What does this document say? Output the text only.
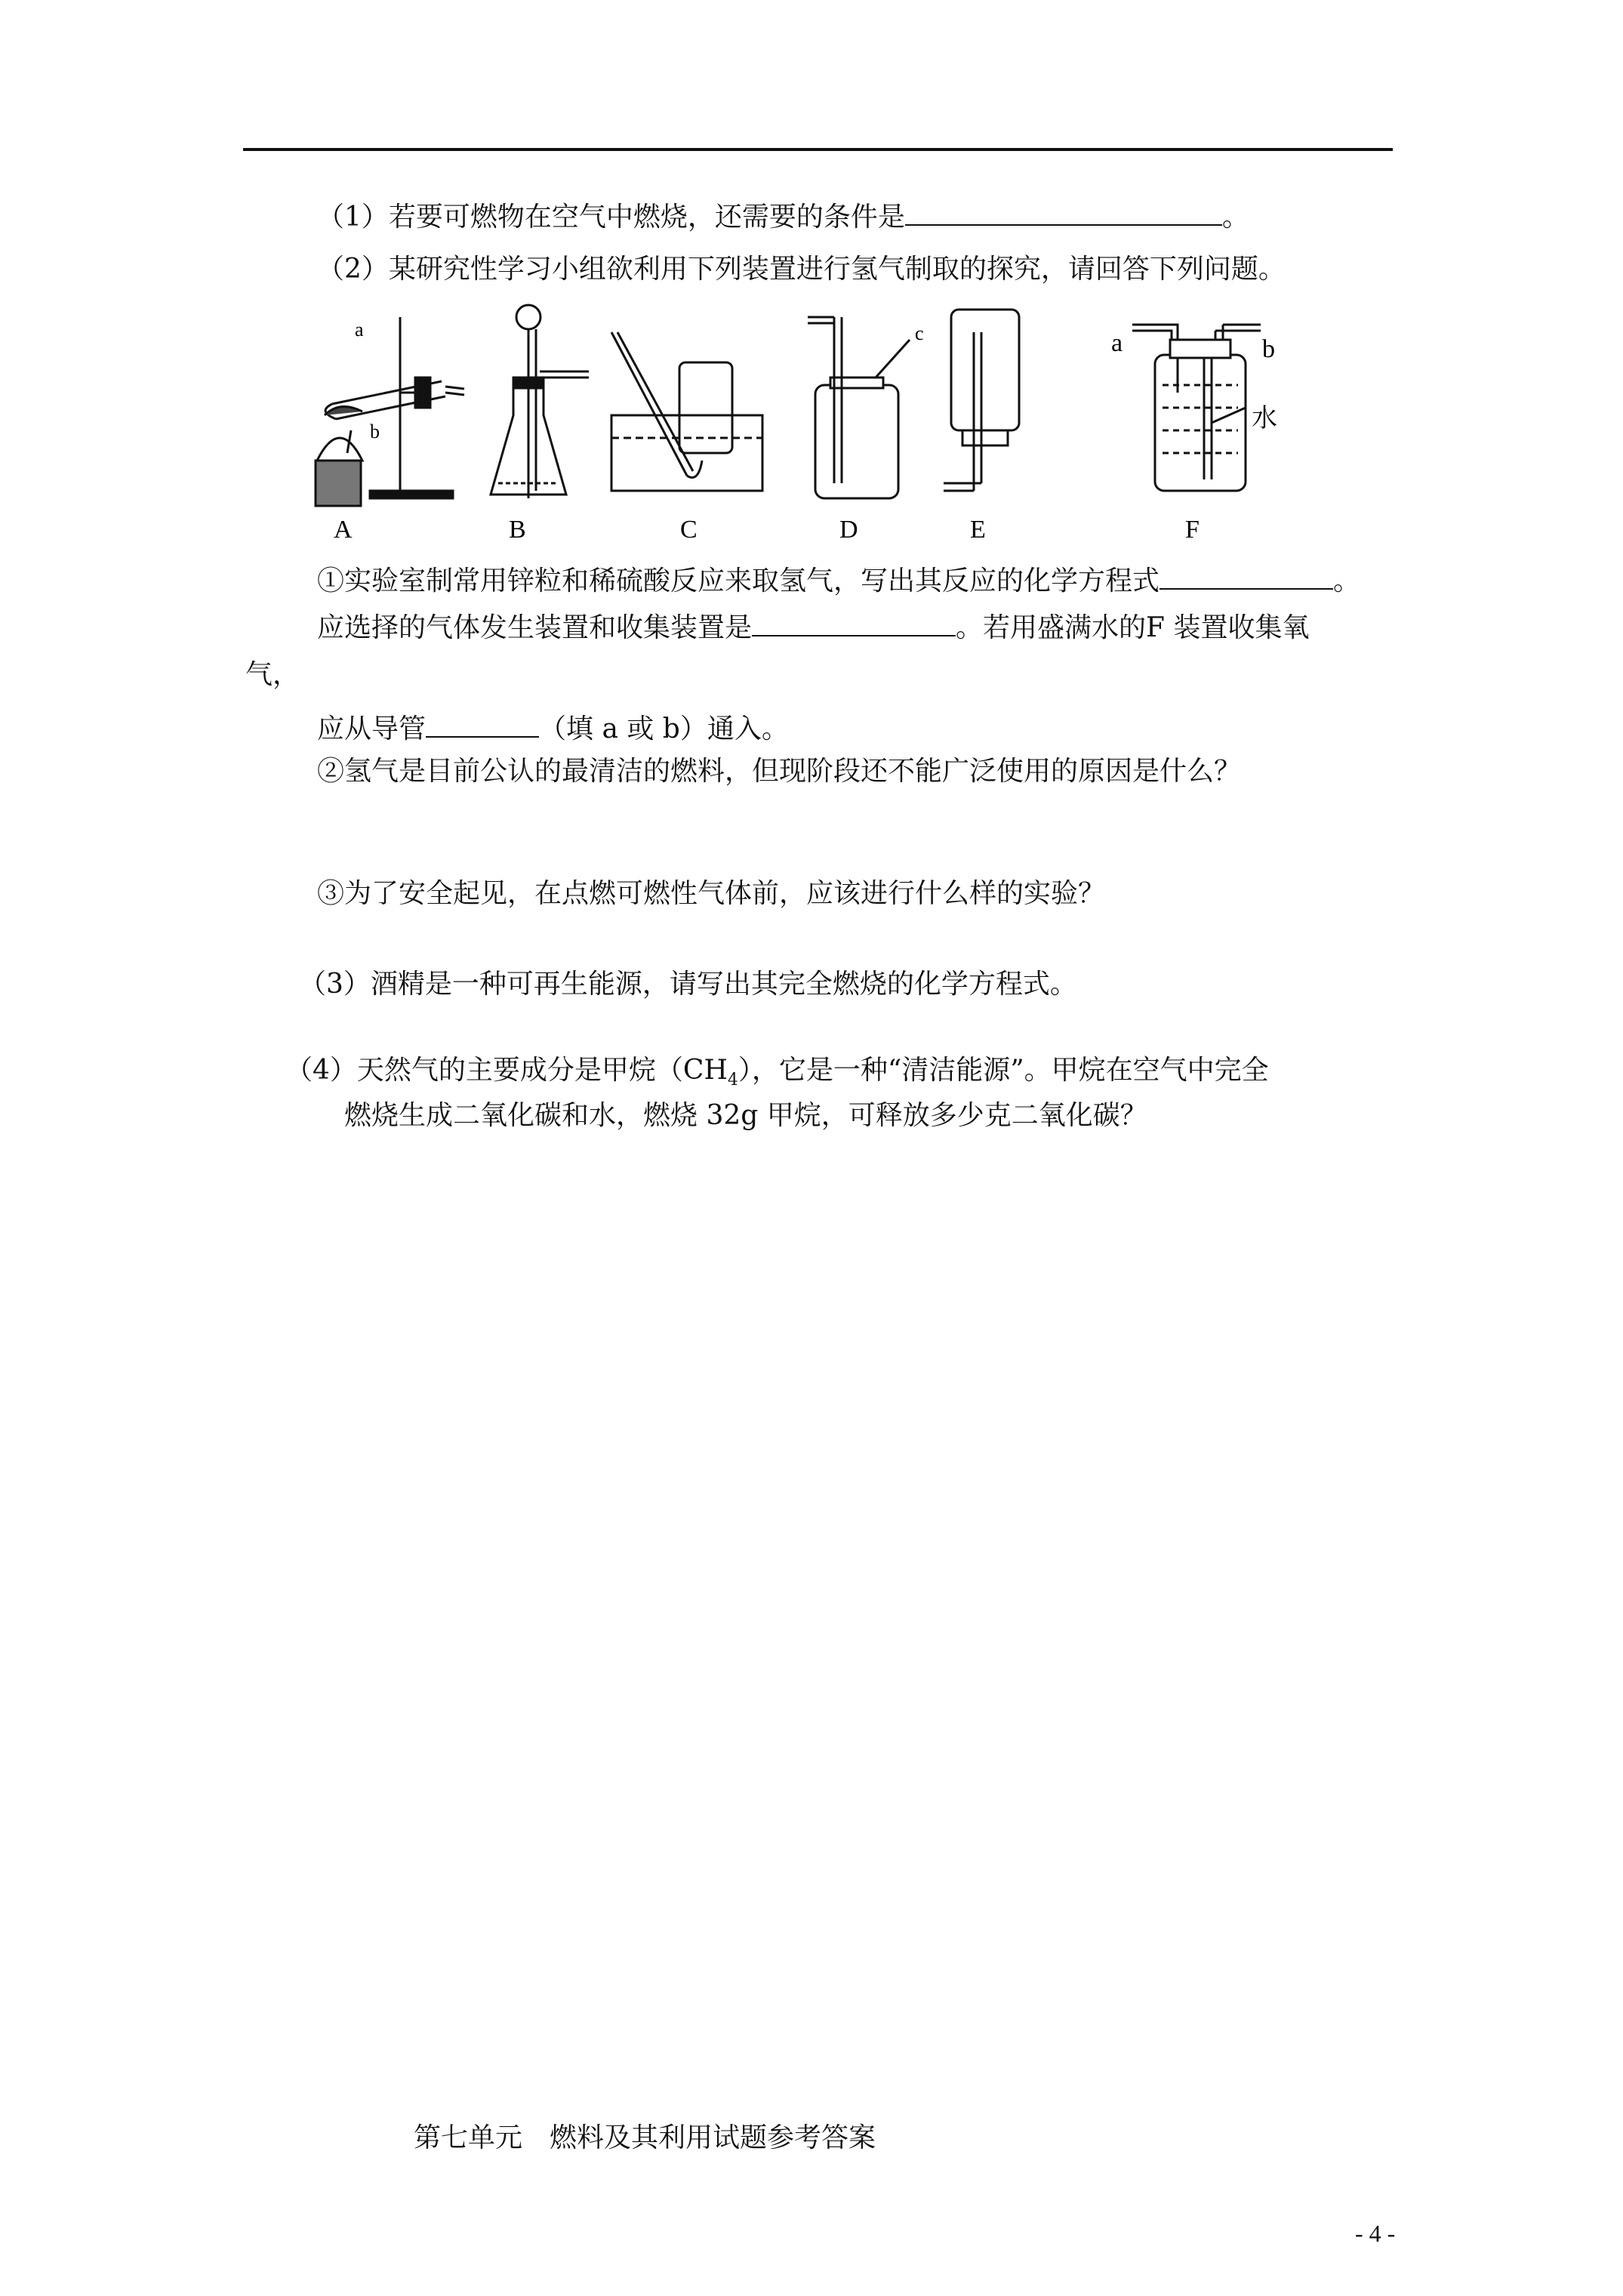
（1）若要可燃物在空气中燃烧，还需要的条件是	。
（2）某研究性学习小组欲利用下列装置进行氢气制取的探究，请回答下列问题。
a
b
c	a	b
水
A	B	C	D	E	F
①实验室制常用锌粒和稀硫酸反应来取氢气，写出其反应的化学方程式	。
应选择的气体发生装置和收集装置是	。若用盛满水的F 装置收集氧
气，
应从导管	（填 a 或 b）通入。
②氢气是目前公认的最清洁的燃料，但现阶段还不能广泛使用的原因是什么？
③为了安全起见，在点燃可燃性气体前，应该进行什么样的实验？
（3）酒精是一种可再生能源，请写出其完全燃烧的化学方程式。
（4）天然气的主要成分是甲烷$(CH_4)$，它是一种“清洁能源”。甲烷在空气中完全
燃烧生成二氧化碳和水，燃烧 32g 甲烷，可释放多少克二氧化碳？
第七单元　燃料及其利用试题参考答案
- 4 -
